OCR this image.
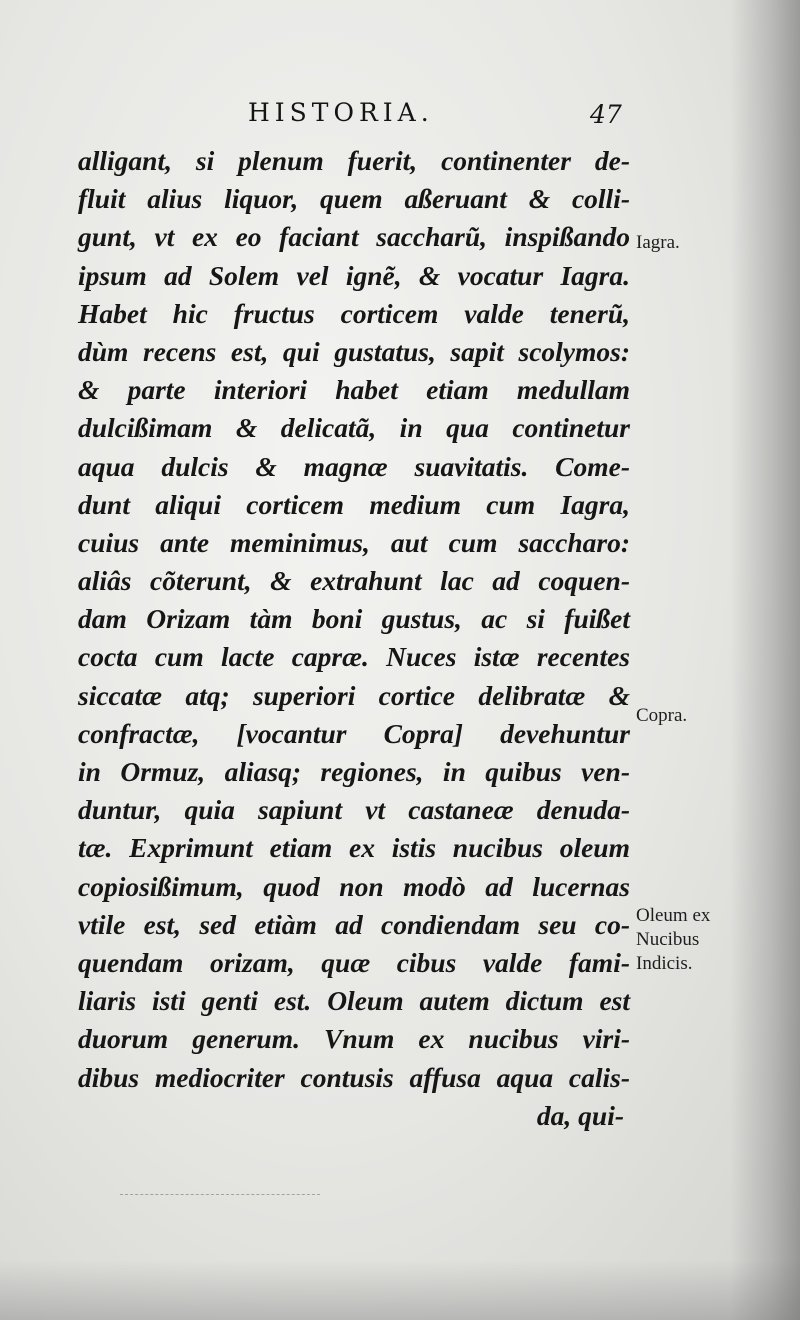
HISTORIA.	47
alligant, si plenum fuerit, continenter de-
fluit alius liquor, quem aßeruant & colli-
gunt, vt ex eo faciant saccharũ, inspißando
ipsum ad Solem vel ignẽ, & vocatur Iagra.
Habet hic fructus corticem valde tenerũ,
dùm recens est, qui gustatus, sapit scolymos:
& parte interiori habet etiam medullam
dulcißimam & delicatã, in qua continetur
aqua dulcis & magnæ suavitatis. Come-
dunt aliqui corticem medium cum Iagra,
cuius ante meminimus, aut cum saccharo:
aliâs cõterunt, & extrahunt lac ad coquen-
dam Orizam tàm boni gustus, ac si fuißet
cocta cum lacte capræ. Nuces istæ recentes
siccatæ atq; superiori cortice delibratæ &
confractæ, [vocantur Copra] devehuntur
in Ormuz, aliasq; regiones, in quibus ven-
duntur, quia sapiunt vt castaneæ denuda-
tæ. Exprimunt etiam ex istis nucibus oleum
copiosißimum, quod non modò ad lucernas
vtile est, sed etiàm ad condiendam seu co-
quendam orizam, quæ cibus valde fami-
liaris isti genti est. Oleum autem dictum est
duorum generum. Vnum ex nucibus viri-
dibus mediocriter contusis affusa aqua calis-
da, qui-
Iagra.
Copra.
Oleum ex
Nucibus
Indicis.
